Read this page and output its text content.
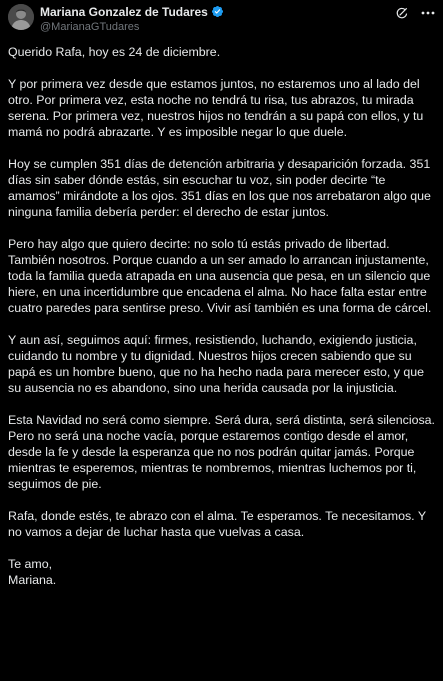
Mariana Gonzalez de Tudares
@MarianaGTudares

Querido Rafa, hoy es 24 de diciembre.

Y por primera vez desde que estamos juntos, no estaremos uno al lado del otro. Por primera vez, esta noche no tendrá tu risa, tus abrazos, tu mirada serena. Por primera vez, nuestros hijos no tendrán a su papá con ellos, y tu mamá no podrá abrazarte. Y es imposible negar lo que duele.

Hoy se cumplen 351 días de detención arbitraria y desaparición forzada. 351 días sin saber dónde estás, sin escuchar tu voz, sin poder decirte “te amamos” mirándote a los ojos. 351 días en los que nos arrebataron algo que ninguna familia debería perder: el derecho de estar juntos.

Pero hay algo que quiero decirte: no solo tú estás privado de libertad. También nosotros. Porque cuando a un ser amado lo arrancan injustamente, toda la familia queda atrapada en una ausencia que pesa, en un silencio que hiere, en una incertidumbre que encadena el alma. No hace falta estar entre cuatro paredes para sentirse preso. Vivir así también es una forma de cárcel.

Y aun así, seguimos aquí: firmes, resistiendo, luchando, exigiendo justicia, cuidando tu nombre y tu dignidad. Nuestros hijos crecen sabiendo que su papá es un hombre bueno, que no ha hecho nada para merecer esto, y que su ausencia no es abandono, sino una herida causada por la injusticia.

Esta Navidad no será como siempre. Será dura, será distinta, será silenciosa. Pero no será una noche vacía, porque estaremos contigo desde el amor, desde la fe y desde la esperanza que no nos podrán quitar jamás. Porque mientras te esperemos, mientras te nombremos, mientras luchemos por ti, seguimos de pie.

Rafa, donde estés, te abrazo con el alma. Te esperamos. Te necesitamos. Y no vamos a dejar de luchar hasta que vuelvas a casa.

Te amo,

Mariana.
